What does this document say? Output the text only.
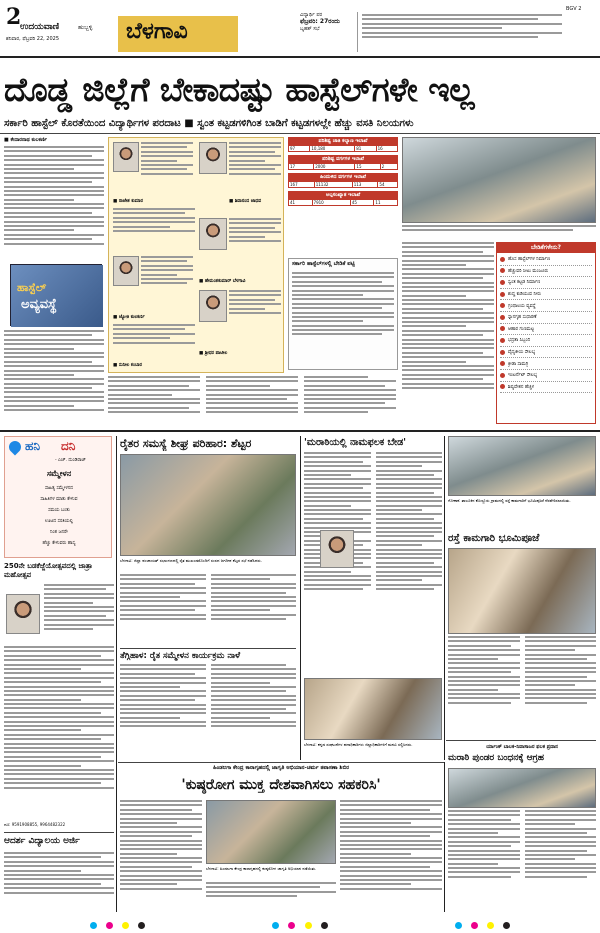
2
ಉದಯವಾಣಿ	ಹುಬ್ಬಳ್ಳಿ
ಶನಿವಾರ, ಫೆಬ್ರವರಿ 22, 2025	ಬೆಳಗಾವಿ
ವಿದ್ಯಾರ್ಥಿ ಪರ
ಫೆಬ್ರವರಿ: 27ರಂದು
ಬೃಹತ್ ಸಭೆ
BGV 2
ದೊಡ್ಡ ಜಿಲ್ಲೆಗೆ ಬೇಕಾದಷ್ಟು ಹಾಸ್ಟೆಲ್‌ಗಳೇ ಇಲ್ಲ
ಸರ್ಕಾರಿ ಹಾಸ್ಟೆಲ್ ಕೊರತೆಯಿಂದ ವಿದ್ಯಾರ್ಥಿಗಳ ಪರದಾಟ ■ ಸ್ವಂತ ಕಟ್ಟಡಗಳಿಗಿಂತ ಬಾಡಿಗೆ ಕಟ್ಟಡಗಳಲ್ಲೇ ಹೆಚ್ಚು ವಸತಿ ನಿಲಯಗಳು
■ ಕೇದಾರನಾಥ ಕುಲಕರ್ಣಿ
ಹಾಸ್ಟೆಲ್
ಅವ್ಯವಸ್ಥೆ
■ ರಾಜೇಶ ಕುಮಾರ	■ ಶಿವಾನಂದ ಜಾಧವ
■ ಹೇಮಂತಕುಮಾರ್ ಬೆಳಗಾವಿ
■ ಜ್ಯೋತಿ ಕುಲಕರ್ಣಿ
■ ಶ್ರೀಧರ ಪಾಟೀಲ
■ ಸುನೀಲ ಕಂಬಾರ
ಪರಿಶಿಷ್ಟ ಜಾತಿ ಕಲ್ಯಾಣ ಇಲಾಖೆ
97	10,180	81	16
ಪರಿಶಿಷ್ಟ ವರ್ಗಗಳ ಇಲಾಖೆ
17	2000	15	2
ಹಿಂದುಳಿದ ವರ್ಗಗಳ ಇಲಾಖೆ
167	11132	113	54
ಅಲ್ಪಸಂಖ್ಯಾತ ಇಲಾಖೆ
41	7910	45	11
ಸರ್ಕಾರಿ ಹಾಸ್ಟೆಲ್‌ಗಳಲ್ಲಿ ಬೇಡಿಕೆ ಪಟ್ಟಿ
ಬೇಡಿಕೆಗಳೇನು?
ಹೊಸ ಹಾಸ್ಟೆಲ್‌ಗಳ ನಿರ್ಮಾಣ
ಹೆಚ್ಚುವರಿ ಸೀಟು ಮಂಜೂರು
ಸ್ವಂತ ಕಟ್ಟಡ ನಿರ್ಮಾಣ
ಶುದ್ಧ ಕುಡಿಯುವ ನೀರು
ಗ್ರಂಥಾಲಯ ವ್ಯವಸ್ಥೆ
ಸ್ನಾನಗೃಹ ಸುಧಾರಣೆ
ಆಹಾರ ಗುಣಮಟ್ಟ
ಭದ್ರತಾ ಸಿಬ್ಬಂದಿ
ವೈದ್ಯಕೀಯ ಸೌಲಭ್ಯ
ಕ್ರೀಡಾ ಸಾಮಗ್ರಿ
ಇಂಟರ್ನೆಟ್ ಸೌಲಭ್ಯ
ಶಿಷ್ಯವೇತನ ಹೆಚ್ಚಳ
ಹನಿ ದನಿ
- ಎಚ್. ದುಂಡಿರಾಜ್
ಸಮ್ಮೇಳನ
ಸಾಹಿತ್ಯ ಸಮ್ಮೇಳನದ
ಸಾಹಿತಿಗಳ ಮಾತು ಕೇಳುವ
ಸಮಯ ಬಂತು
ಊಟದ ಸರತಿಯಲ್ಲಿ
ನಿಂತ ಜನರೇ
ಹೆಚ್ಚು ಕೇಳುವರು ಹಾಸ್ಯ
250ನೇ ಬಡಕೆಜ್ಜೆಯೋತ್ಸವದಲ್ಲಿ ಜಾತ್ರಾ ಮಹೋತ್ಸವ
ದೂ: 9591908855, 9964482322
ಆದರ್ಶ ವಿದ್ಯಾಲಯ ಅರ್ಜಿ
ರೈತರ ಸಮಸ್ಯೆ ಶೀಘ್ರ ಪರಿಹಾರ: ಶೆಟ್ಟರ
ಬೆಳಗಾವಿ: ಜಿಲ್ಲಾ ಪಂಚಾಯತ್ ಸಭಾಂಗಣದಲ್ಲಿ ರೈತ ಮುಖಂಡರೊಂದಿಗೆ ಸಂಸದ ಜಗದೀಶ ಶೆಟ್ಟರ ಸಭೆ ನಡೆಸಿದರು.
ತೆಗ್ಗಿಹಾಳ: ರೈತ ಸಮ್ಮೇಳನ ಕಾರ್ಯಕ್ರಮ ನಾಳೆ
'ಮರಾಠಿಯಲ್ಲಿ ನಾಮಫಲಕ ಬೇಡ'
ಬೆಳಗಾವಿ: ಕನ್ನಡ ಸಂಘಟನೆಗಳ ಪದಾಧಿಕಾರಿಗಳು ಜಿಲ್ಲಾಧಿಕಾರಿಗಳಿಗೆ ಮನವಿ ಸಲ್ಲಿಸಿದರು.
ಗೋಕಾಕ: ತಾಲೂಕಿನ ಕೊಣ್ಣೂರು ಗ್ರಾಮದಲ್ಲಿ ರಸ್ತೆ ಕಾಮಗಾರಿಗೆ ಭೂಮಿಪೂಜೆ ನೆರವೇರಿಸಲಾಯಿತು.
ರಸ್ತೆ ಕಾಮಗಾರಿ ಭೂಮಿಪೂಜೆ
ಹಿಂಡಲಗಾ ಕೇಂದ್ರ ಕಾರಾಗೃಹದಲ್ಲಿ ಜಾಗೃತಿ ಅಭಿಯಾನ-ಚರ್ಮ ತಪಾಸಣಾ ಶಿಬಿರ
'ಕುಷ್ಠರೋಗ ಮುಕ್ತ ದೇಶವಾಗಿಸಲು ಸಹಕರಿಸಿ'
ಬೆಳಗಾವಿ: ಹಿಂಡಲಗಾ ಕೇಂದ್ರ ಕಾರಾಗೃಹದಲ್ಲಿ ಕುಷ್ಠರೋಗ ಜಾಗೃತಿ ಅಭಿಯಾನ ನಡೆಯಿತು.
ರ್ಯಾಂಕ್ ಬಾಲಕ-ನಿವಾಸಾಜರ ಫಲಕ ಪ್ರದಾನ
ಮರಾಠಿ ಪುಂಡರ ಬಂಧನಕ್ಕೆ ಆಗ್ರಹ
